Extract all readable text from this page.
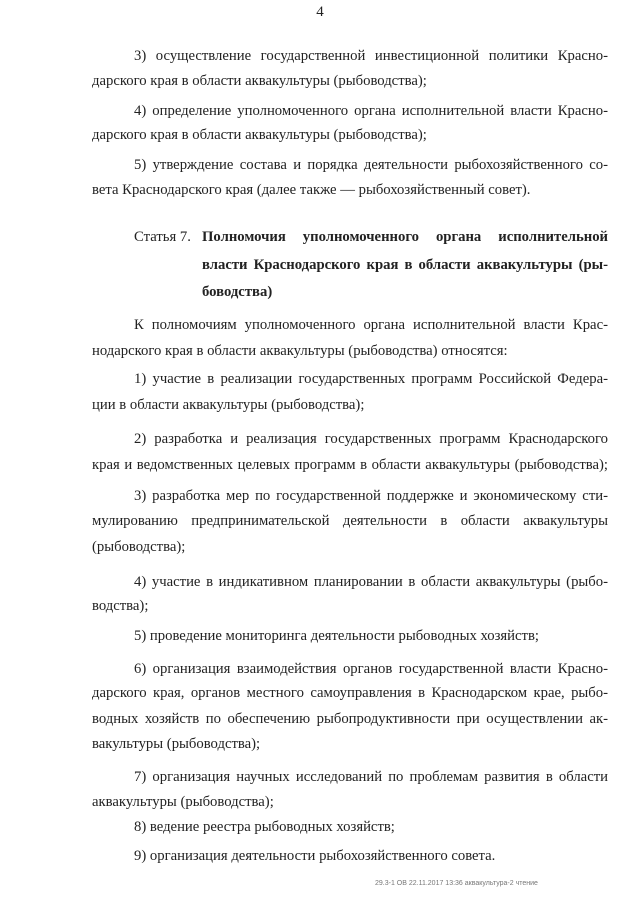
4
3) осуществление государственной инвестиционной политики Красно-
дарского края в области аквакультуры (рыбоводства);
4) определение уполномоченного органа исполнительной власти Красно-
дарского края в области аквакультуры (рыбоводства);
5) утверждение состава и порядка деятельности рыбохозяйственного со-
вета Краснодарского края (далее также — рыбохозяйственный совет).
Статья 7. Полномочия уполномоченного органа исполнительной
власти Краснодарского края в области аквакультуры (ры-
боводства)
К полномочиям уполномоченного органа исполнительной власти Крас-
нодарского края в области аквакультуры (рыбоводства) относятся:
1) участие в реализации государственных программ Российской Федера-
ции в области аквакультуры (рыбоводства);
2) разработка и реализация государственных программ Краснодарского
края и ведомственных целевых программ в области аквакультуры (рыбоводства);
3) разработка мер по государственной поддержке и экономическому сти-
мулированию предпринимательской деятельности в области аквакультуры
(рыбоводства);
4) участие в индикативном планировании в области аквакультуры (рыбо-
водства);
5) проведение мониторинга деятельности рыбоводных хозяйств;
6) организация взаимодействия органов государственной власти Красно-
дарского края, органов местного самоуправления в Краснодарском крае, рыбо-
водных хозяйств по обеспечению рыбопродуктивности при осуществлении ак-
вакультуры (рыбоводства);
7) организация научных исследований по проблемам развития в области
аквакультуры (рыбоводства);
8) ведение реестра рыбоводных хозяйств;
9) организация деятельности рыбохозяйственного совета.
29.3-1 ОВ 22.11.2017 13:36 аквакультура-2 чтение
